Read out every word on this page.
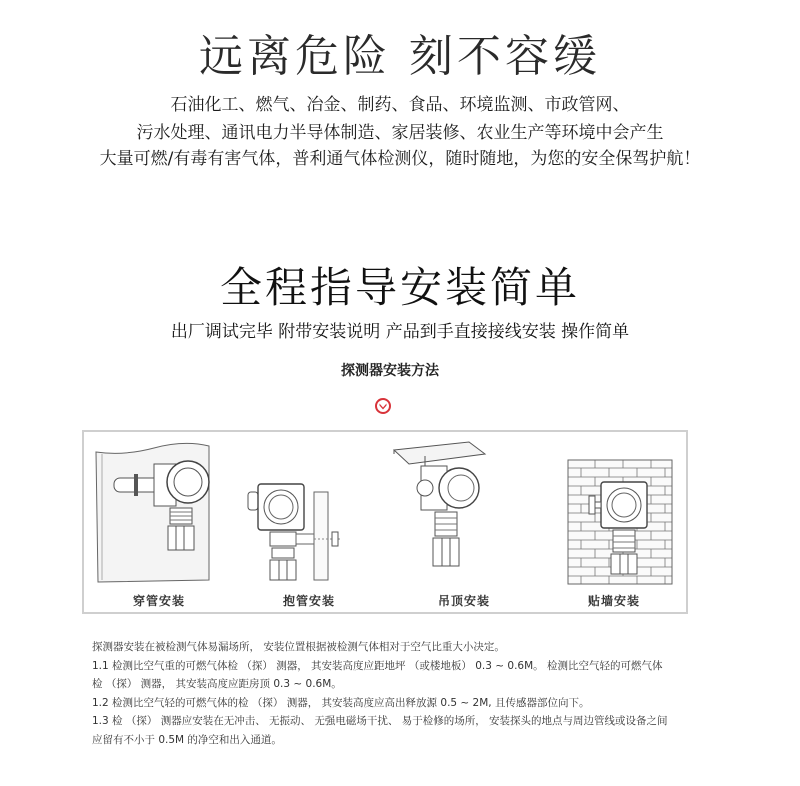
远离危险 刻不容缓
石油化工、燃气、冶金、制药、食品、环境监测、市政管网、
污水处理、通讯电力半导体制造、家居装修、农业生产等环境中会产生
大量可燃/有毒有害气体，普利通气体检测仪，随时随地，为您的安全保驾护航！
全程指导安装简单
出厂调试完毕 附带安装说明 产品到手直接接线安装 操作简单
探测器安装方法
穿管安装	抱管安装	吊顶安装	贴墙安装
探测器安装在被检测气体易漏场所， 安装位置根据被检测气体相对于空气比重大小决定。
1.1 检测比空气重的可燃气体检 （探） 测器， 其安装高度应距地坪 （或楼地板） 0.3 ~ 0.6M。 检测比空气轻的可燃气体
检 （探） 测器， 其安装高度应距房顶 0.3 ~ 0.6M。
1.2 检测比空气轻的可燃气体的检 （探） 测器， 其安装高度应高出释放源 0.5 ~ 2M, 且传感器部位向下。
1.3 检 （探） 测器应安装在无冲击、 无振动、 无强电磁场干扰、 易于检修的场所， 安装探头的地点与周边管线或设备之间
应留有不小于 0.5M 的净空和出入通道。
